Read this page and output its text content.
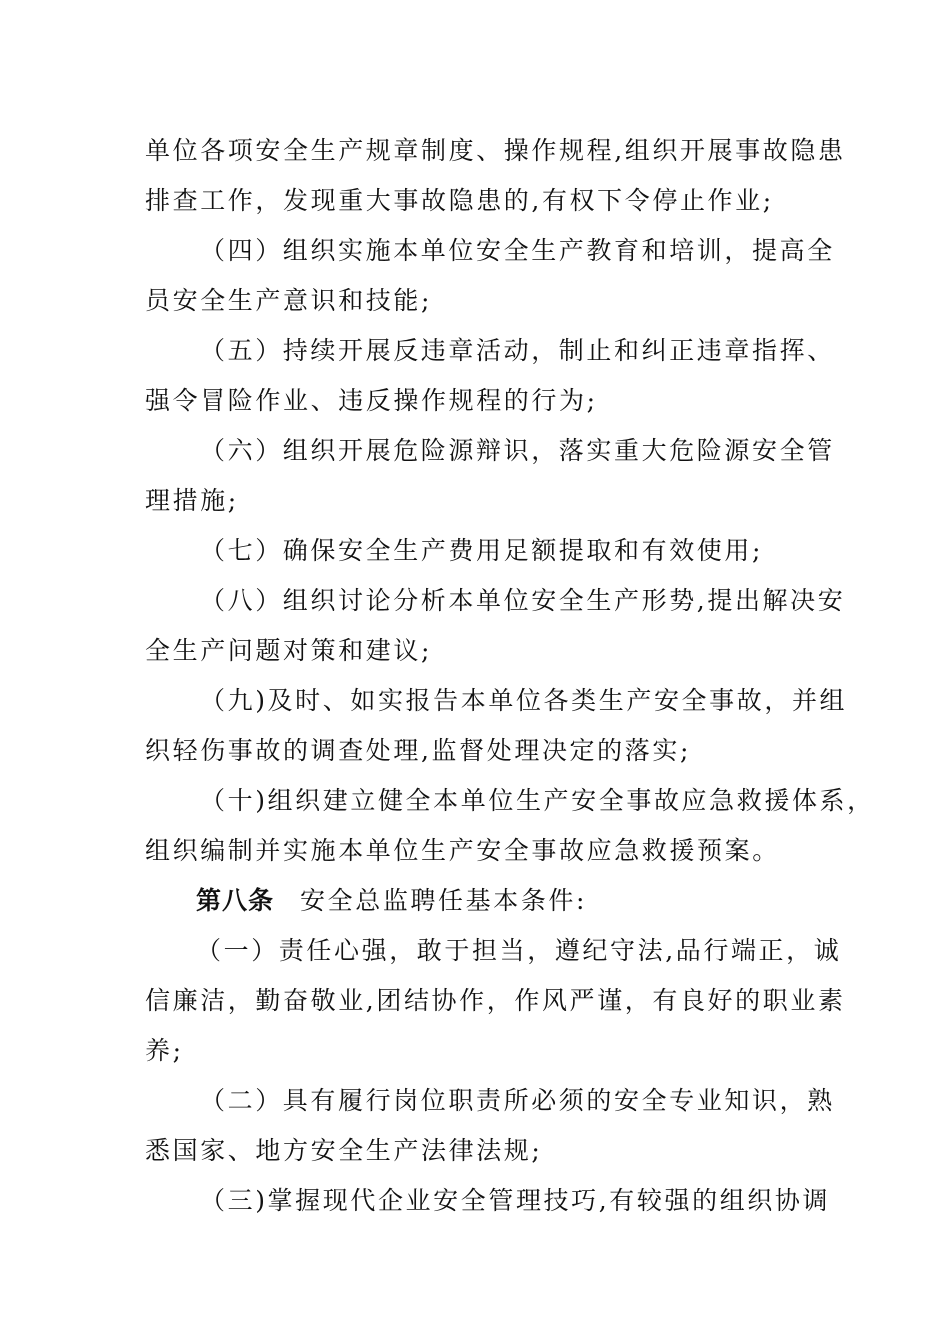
单位各项安全生产规章制度、操作规程,组织开展事故隐患
排查工作，发现重大事故隐患的,有权下令停止作业;
（四）组织实施本单位安全生产教育和培训，提高全
员安全生产意识和技能;
（五）持续开展反违章活动，制止和纠正违章指挥、
强令冒险作业、违反操作规程的行为;
（六）组织开展危险源辩识，落实重大危险源安全管
理措施;
（七）确保安全生产费用足额提取和有效使用;
（八）组织讨论分析本单位安全生产形势,提出解决安
全生产问题对策和建议;
（九)及时、如实报告本单位各类生产安全事故，并组
织轻伤事故的调查处理,监督处理决定的落实;
（十)组织建立健全本单位生产安全事故应急救援体系，
组织编制并实施本单位生产安全事故应急救援预案。
第八条 安全总监聘任基本条件:
（一）责任心强，敢于担当，遵纪守法,品行端正，诚
信廉洁，勤奋敬业,团结协作，作风严谨，有良好的职业素
养;
（二）具有履行岗位职责所必须的安全专业知识，熟
悉国家、地方安全生产法律法规;
（三)掌握现代企业安全管理技巧,有较强的组织协调
